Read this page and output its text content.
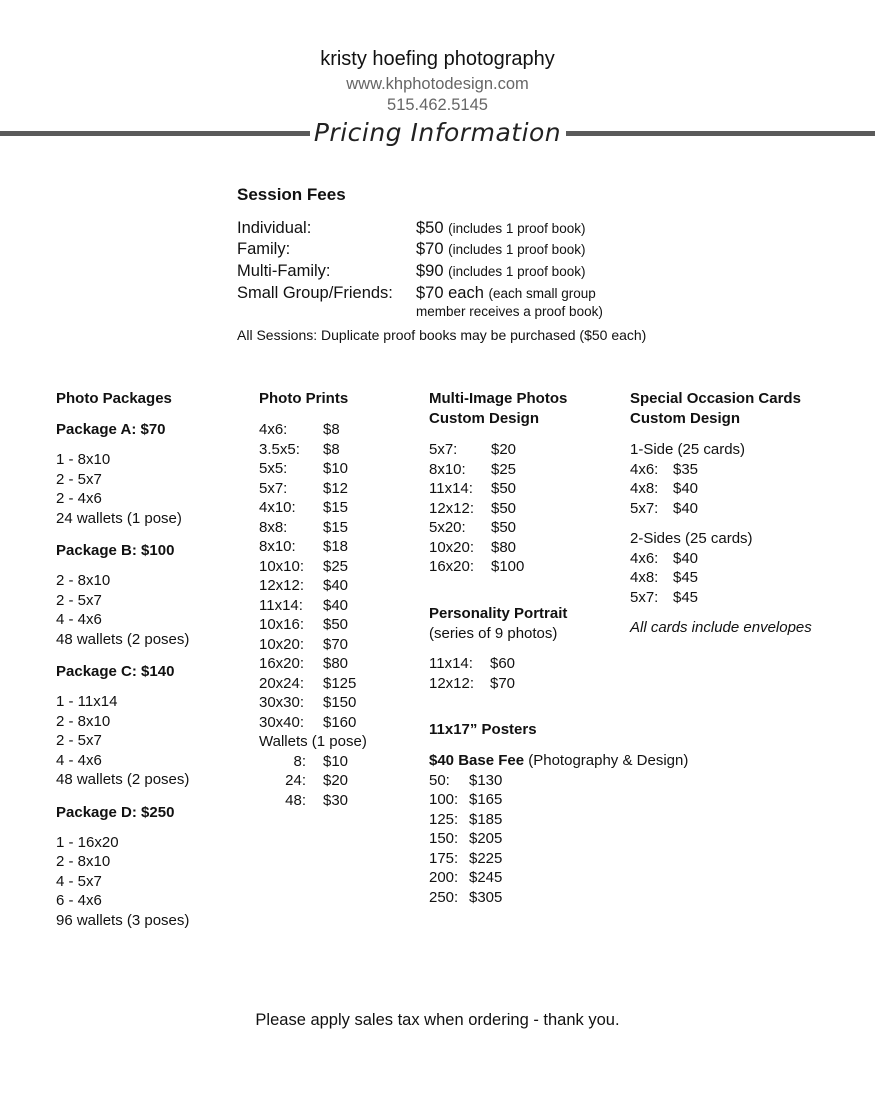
kristy hoefing photography
www.khphotodesign.com
515.462.5145
Pricing Information
Session Fees
Individual:	$50 (includes 1 proof book)
Family:	$70 (includes 1 proof book)
Multi-Family:	$90 (includes 1 proof book)
Small Group/Friends: $70 each (each small group
member receives a proof book)
All Sessions: Duplicate proof books may be purchased ($50 each)
Photo Packages
Package A: $70
1 - 8x10
2 - 5x7
2 - 4x6
24 wallets (1 pose)
Package B: $100
2 - 8x10
2 - 5x7
4 - 4x6
48 wallets (2 poses)
Package C: $140
1 - 11x14
2 - 8x10
2 - 5x7
4 - 4x6
48 wallets (2 poses)
Package D: $250
1 - 16x20
2 - 8x10
4 - 5x7
6 - 4x6
96 wallets (3 poses)
Photo Prints
4x6: $8
3.5x5: $8
5x5: $10
5x7: $12
4x10: $15
8x8: $15
8x10: $18
10x10: $25
12x12: $40
11x14: $40
10x16: $50
10x20: $70
16x20: $80
20x24: $125
30x30: $150
30x40: $160
Wallets (1 pose)
8: $10
24: $20
48: $30
Multi-Image Photos
Custom Design
5x7: $20
8x10: $25
11x14: $50
12x12: $50
5x20: $50
10x20: $80
16x20: $100
Personality Portrait
(series of 9 photos)
11x14: $60
12x12: $70
11x17” Posters
$40 Base Fee (Photography & Design)
50: $130
100: $165
125: $185
150: $205
175: $225
200: $245
250: $305
Special Occasion Cards
Custom Design
1-Side (25 cards)
4x6: $35
4x8: $40
5x7: $40
2-Sides (25 cards)
4x6: $40
4x8: $45
5x7: $45
All cards include envelopes
Please apply sales tax when ordering - thank you.
